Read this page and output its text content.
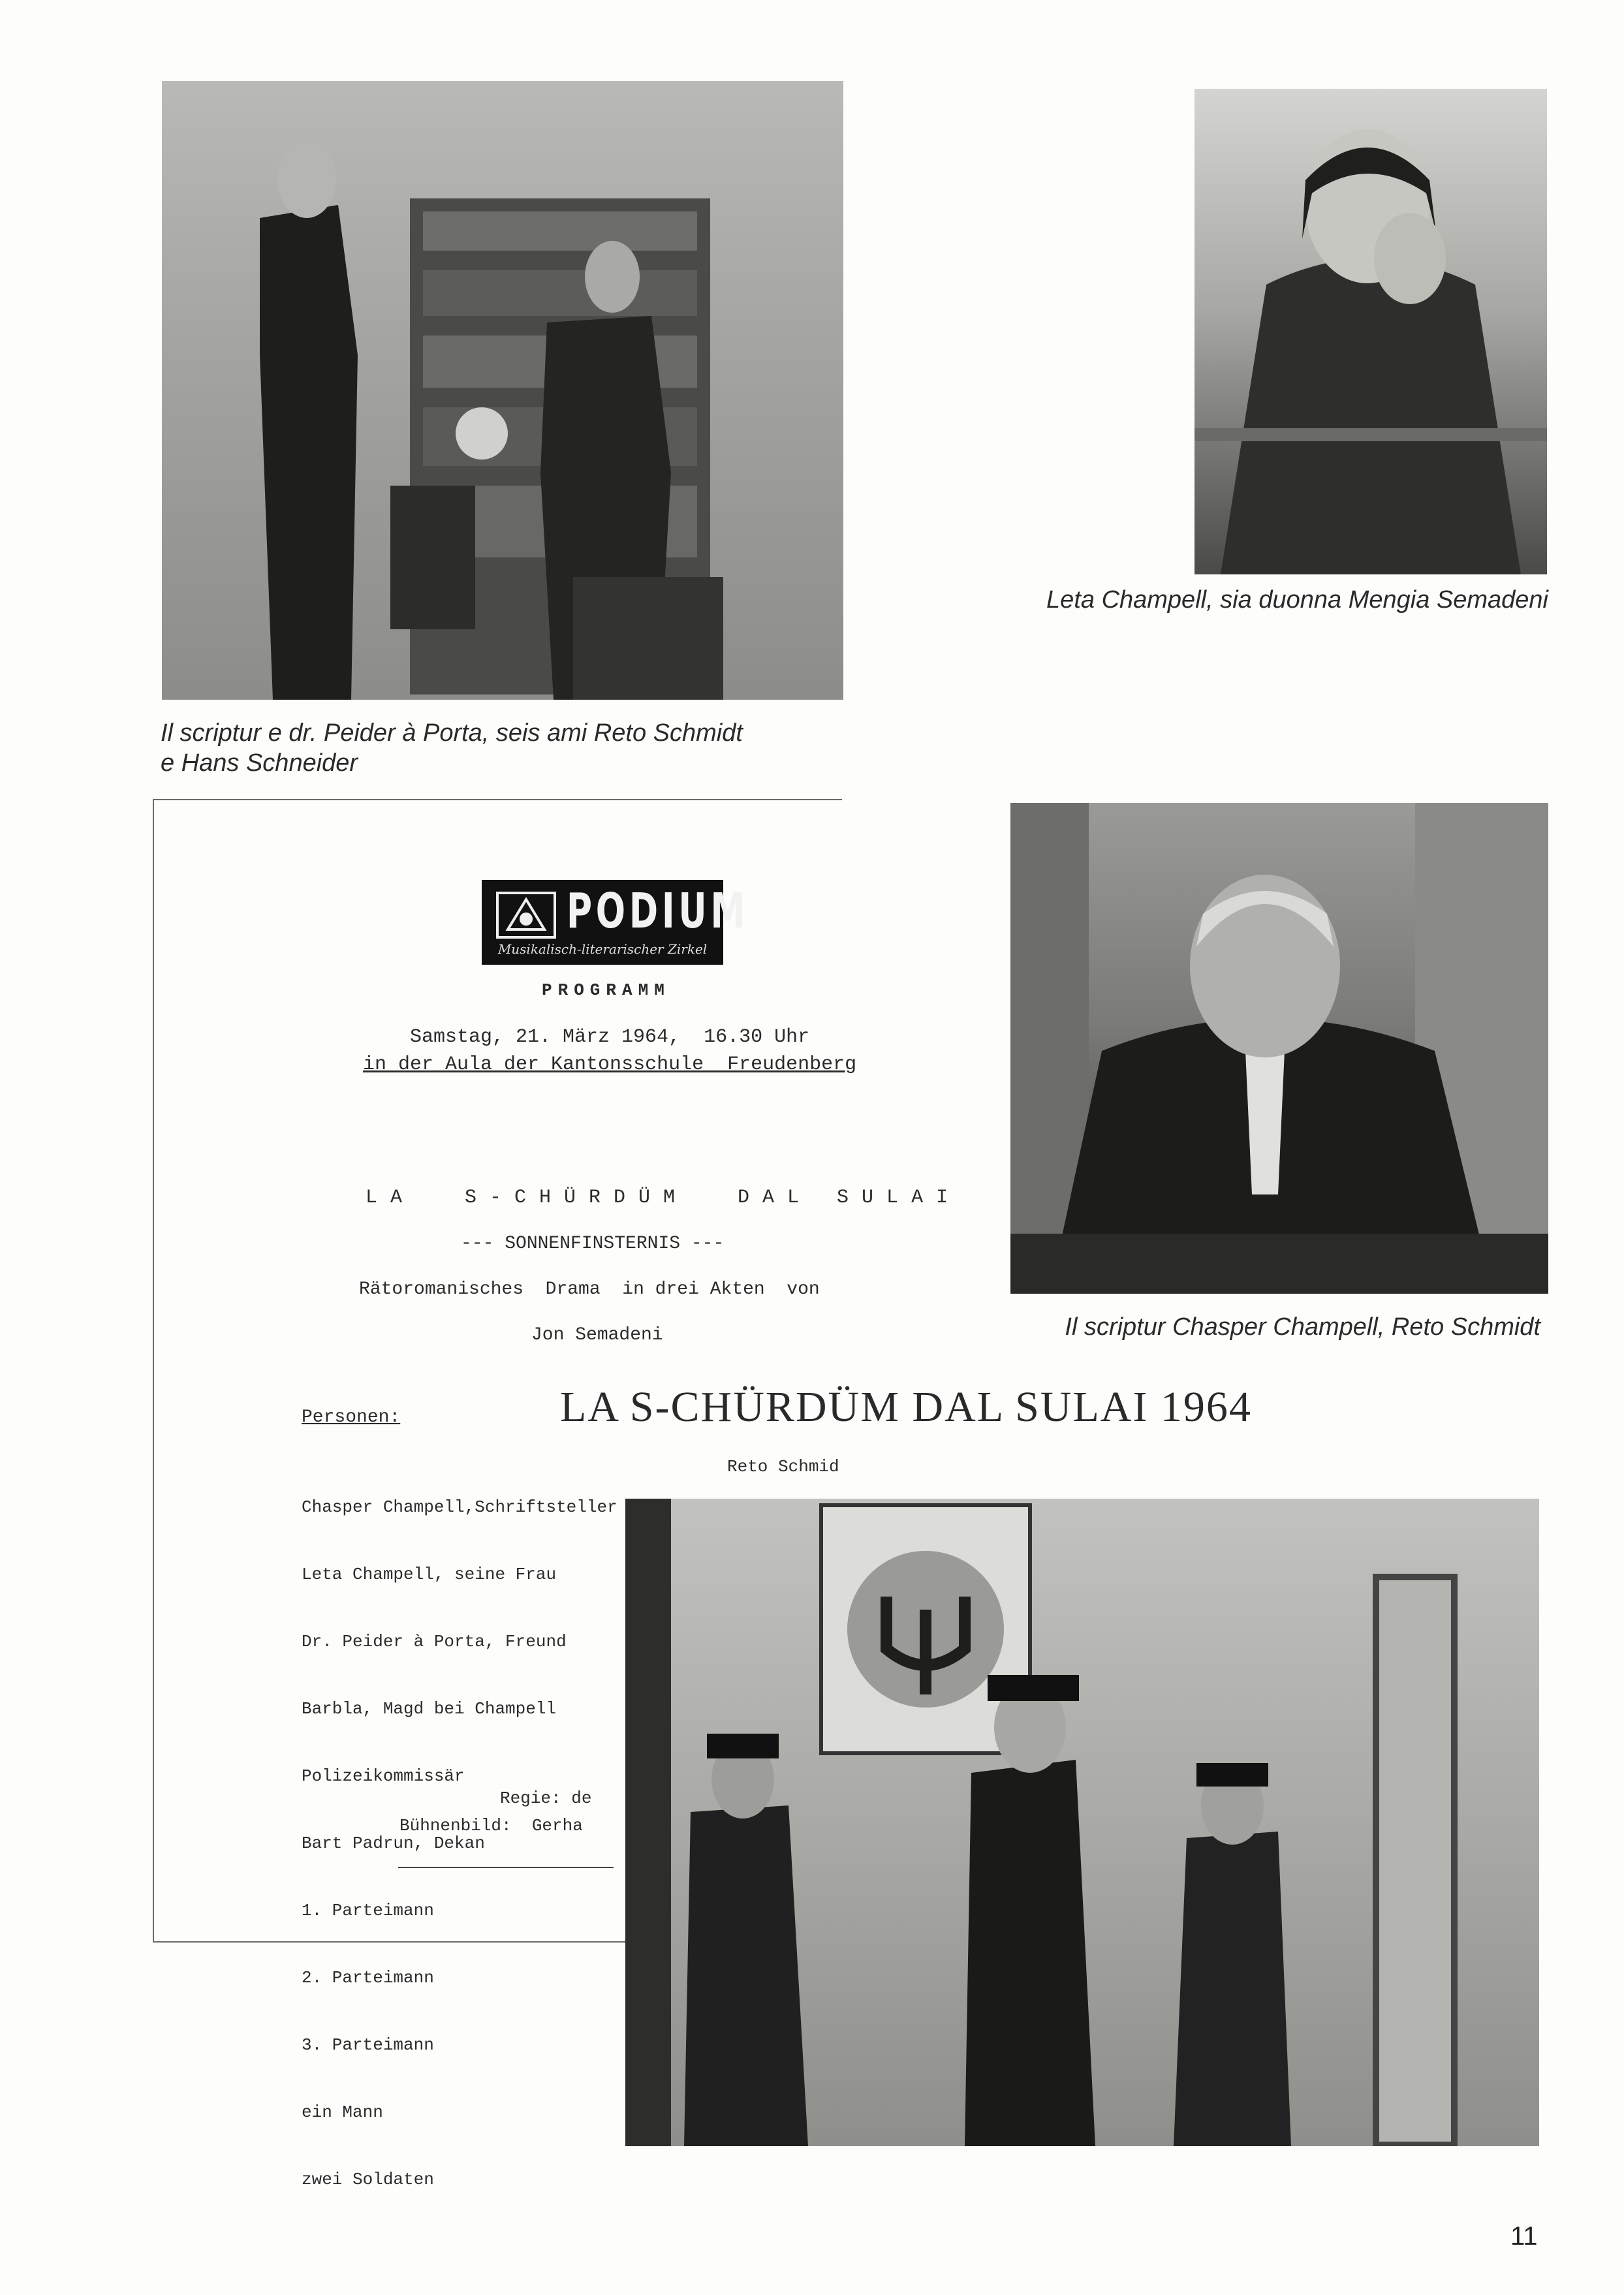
Leta Champell, sia duonna Mengia Semadeni
Il scriptur e dr. Peider à Porta, seis ami Reto Schmidt
e Hans Schneider
Il scriptur Chasper Champell, Reto Schmidt
PODIUM
Musikalisch-literarischer Zirkel
PROGRAMM
Samstag, 21. März 1964,  16.30 Uhr
in der Aula der Kantonsschule  Freudenberg
LA  S-CHÜRDÜM  DAL SULAI
--- SONNENFINSTERNIS ---
Rätoromanisches  Drama  in drei Akten  von
Jon Semadeni
Personen:

Chasper Champell,Schriftsteller

Leta Champell, seine Frau

Dr. Peider à Porta, Freund

Barbla, Magd bei Champell

Polizeikommissär

Bart Padrun, Dekan

1. Parteimann

2. Parteimann

3. Parteimann

ein Mann

zwei Soldaten

Reto Schmid
Regie: de
Bühnenbild:  Gerha
LA S-CHÜRDÜM DAL SULAI 1964
11
